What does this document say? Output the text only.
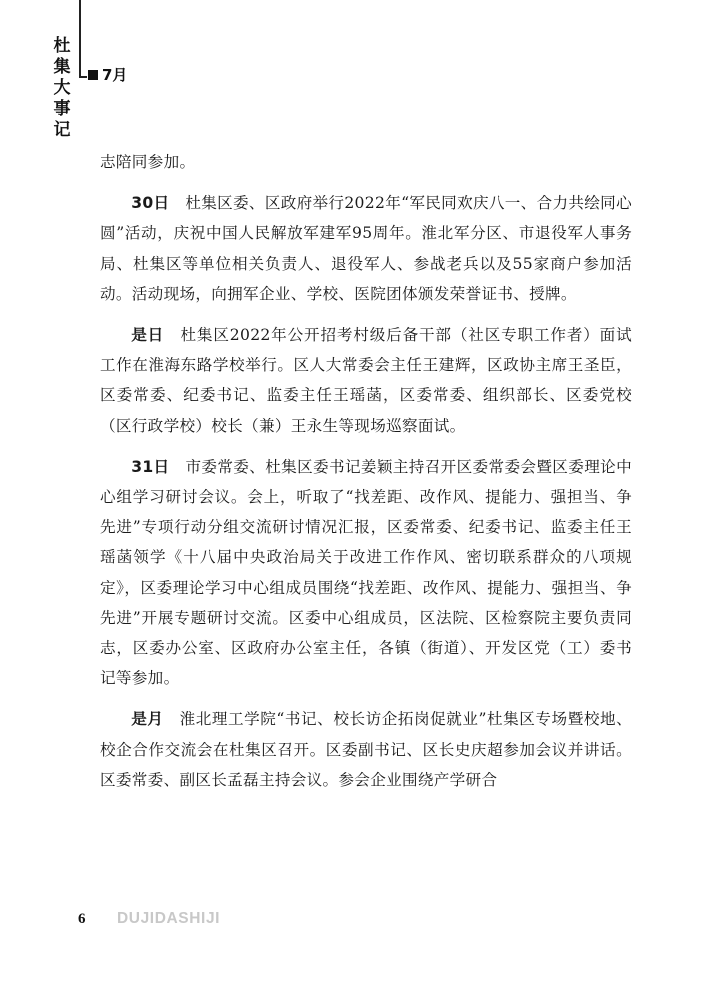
杜
集
大
事
记
7月

志陪同参加。

30日　 杜集区委、区政府举行2022年“军民同欢庆八一、合力共绘同心圆”活动，庆祝中国人民解放军建军95周年。淮北军分区、市退役军人事务局、杜集区等单位相关负责人、退役军人、参战老兵以及55家商户参加活动。活动现场，向拥军企业、学校、医院团体颁发荣誉证书、授牌。

是日　 杜集区2022年公开招考村级后备干部（社区专职工作者）面试工作在淮海东路学校举行。区人大常委会主任王建辉，区政协主席王圣臣，区委常委、纪委书记、监委主任王瑶菡，区委常委、组织部长、区委党校（区行政学校）校长（兼）王永生等现场巡察面试。

31日　 市委常委、杜集区委书记姜颖主持召开区委常委会暨区委理论中心组学习研讨会议。会上，听取了“找差距、改作风、提能力、强担当、争先进”专项行动分组交流研讨情况汇报，区委常委、纪委书记、监委主任王瑶菡领学《十八届中央政治局关于改进工作作风、密切联系群众的八项规定》，区委理论学习中心组成员围绕“找差距、改作风、提能力、强担当、争先进”开展专题研讨交流。区委中心组成员，区法院、区检察院主要负责同志，区委办公室、区政府办公室主任，各镇（街道）、开发区党（工）委书记等参加。

是月　 淮北理工学院“书记、校长访企拓岗促就业”杜集区专场暨校地、校企合作交流会在杜集区召开。区委副书记、区长史庆超参加会议并讲话。区委常委、副区长孟磊主持会议。参会企业围绕产学研合

6 DUJIDASHIJI
